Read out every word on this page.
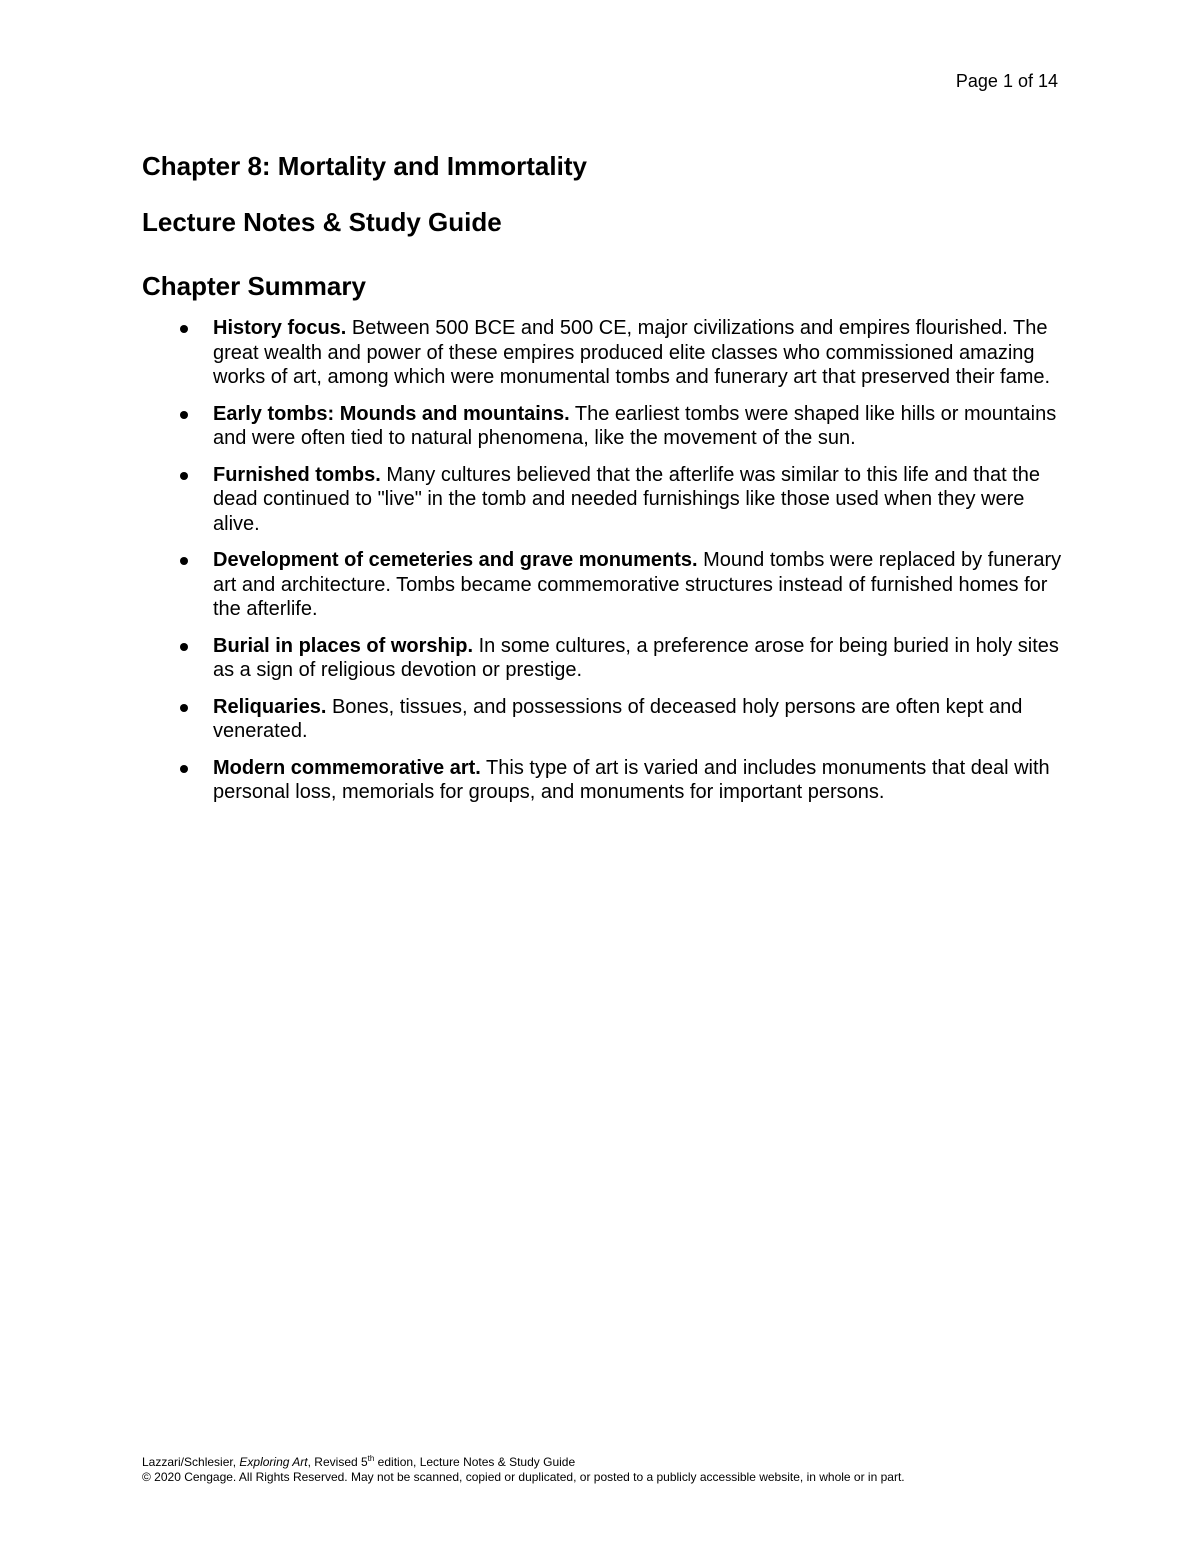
Page 1 of 14
Chapter 8: Mortality and Immortality
Lecture Notes & Study Guide
Chapter Summary
History focus. Between 500 BCE and 500 CE, major civilizations and empires flourished. The great wealth and power of these empires produced elite classes who commissioned amazing works of art, among which were monumental tombs and funerary art that preserved their fame.
Early tombs: Mounds and mountains. The earliest tombs were shaped like hills or mountains and were often tied to natural phenomena, like the movement of the sun.
Furnished tombs. Many cultures believed that the afterlife was similar to this life and that the dead continued to "live" in the tomb and needed furnishings like those used when they were alive.
Development of cemeteries and grave monuments. Mound tombs were replaced by funerary art and architecture. Tombs became commemorative structures instead of furnished homes for the afterlife.
Burial in places of worship. In some cultures, a preference arose for being buried in holy sites as a sign of religious devotion or prestige.
Reliquaries. Bones, tissues, and possessions of deceased holy persons are often kept and venerated.
Modern commemorative art. This type of art is varied and includes monuments that deal with personal loss, memorials for groups, and monuments for important persons.
Lazzari/Schlesier, Exploring Art, Revised 5th edition, Lecture Notes & Study Guide
© 2020 Cengage. All Rights Reserved. May not be scanned, copied or duplicated, or posted to a publicly accessible website, in whole or in part.
